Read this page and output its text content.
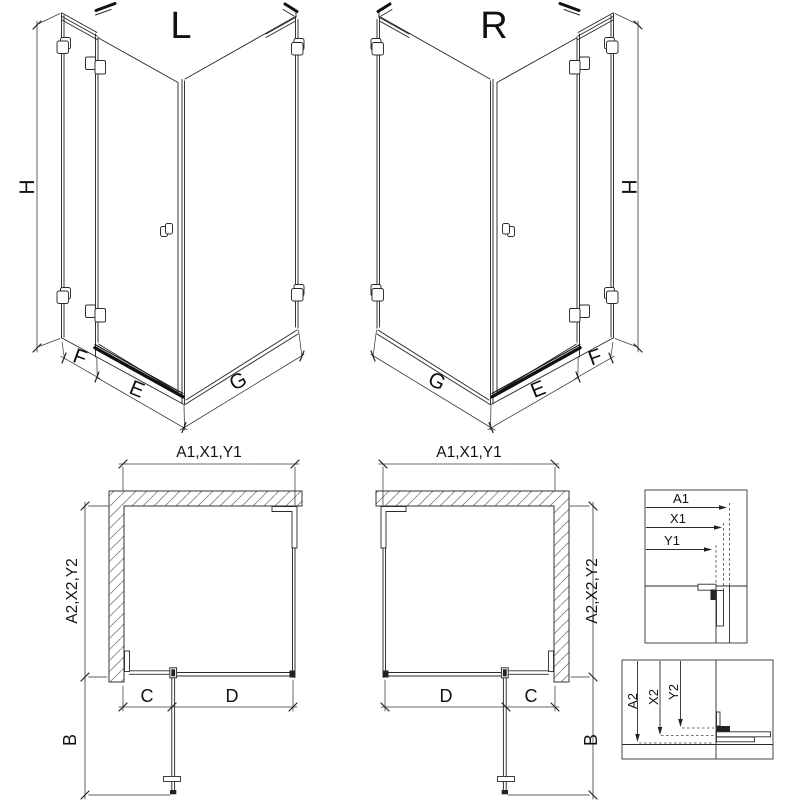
L
H
F
E	G
R
H
F
E
G
A1,X1,Y1
A2,X2,Y2
B
C	D
A1,X1,Y1
A2,X2,Y2
B
C
D
A1
X1
Y1
A2 X2 Y2
